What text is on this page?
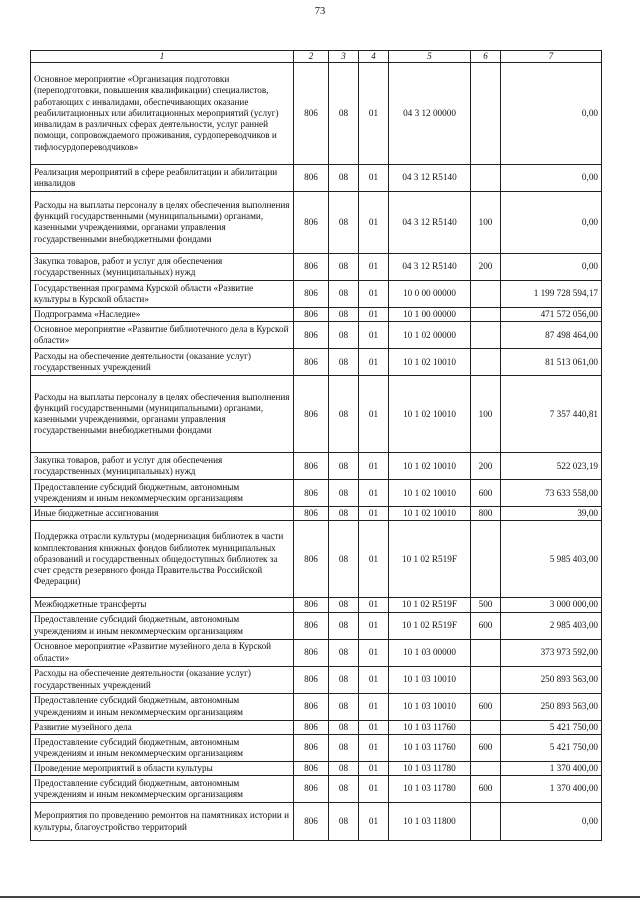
73
1	2	3	4	5	6	7
Основное мероприятие «Организация подготовки (переподготовки, повышения квалификации) специалистов, работающих с инвалидами, обеспечивающих оказание реабилитационных или абилитационных мероприятий (услуг) инвалидам в различных сферах деятельности, услуг ранней помощи, сопровождаемого проживания, сурдопереводчиков и тифлосурдопереводчиков»	806	08	01	04 3 12 00000		0,00
Реализация мероприятий в сфере реабилитации и абилитации инвалидов	806	08	01	04 3 12 R5140		0,00
Расходы на выплаты персоналу в целях обеспечения выполнения функций государственными (муниципальными) органами, казенными учреждениями, органами управления государственными внебюджетными фондами	806	08	01	04 3 12 R5140	100	0,00
Закупка товаров, работ и услуг для обеспечения государственных (муниципальных) нужд	806	08	01	04 3 12 R5140	200	0,00
Государственная программа Курской области «Развитие культуры в Курской области»	806	08	01	10 0 00 00000		1 199 728 594,17
Подпрограмма «Наследие»	806	08	01	10 1 00 00000		471 572 056,00
Основное мероприятие «Развитие библиотечного дела в Курской области»	806	08	01	10 1 02 00000		87 498 464,00
Расходы на обеспечение деятельности (оказание услуг) государственных учреждений	806	08	01	10 1 02 10010		81 513 061,00
Расходы на выплаты персоналу в целях обеспечения выполнения функций государственными (муниципальными) органами, казенными учреждениями, органами управления государственными внебюджетными фондами	806	08	01	10 1 02 10010	100	7 357 440,81
Закупка товаров, работ и услуг для обеспечения государственных (муниципальных) нужд	806	08	01	10 1 02 10010	200	522 023,19
Предоставление субсидий бюджетным, автономным учреждениям и иным некоммерческим организациям	806	08	01	10 1 02 10010	600	73 633 558,00
Иные бюджетные ассигнования	806	08	01	10 1 02 10010	800	39,00
Поддержка отрасли культуры (модернизация библиотек в части комплектования книжных фондов библиотек муниципальных образований и государственных общедоступных библиотек за счет средств резервного фонда Правительства Российской Федерации)	806	08	01	10 1 02 R519F		5 985 403,00
Межбюджетные трансферты	806	08	01	10 1 02 R519F	500	3 000 000,00
Предоставление субсидий бюджетным, автономным учреждениям и иным некоммерческим организациям	806	08	01	10 1 02 R519F	600	2 985 403,00
Основное мероприятие «Развитие музейного дела в Курской области»	806	08	01	10 1 03 00000		373 973 592,00
Расходы на обеспечение деятельности (оказание услуг) государственных учреждений	806	08	01	10 1 03 10010		250 893 563,00
Предоставление субсидий бюджетным, автономным учреждениям и иным некоммерческим организациям	806	08	01	10 1 03 10010	600	250 893 563,00
Развитие музейного дела	806	08	01	10 1 03 11760		5 421 750,00
Предоставление субсидий бюджетным, автономным учреждениям и иным некоммерческим организациям	806	08	01	10 1 03 11760	600	5 421 750,00
Проведение мероприятий в области культуры	806	08	01	10 1 03 11780		1 370 400,00
Предоставление субсидий бюджетным, автономным учреждениям и иным некоммерческим организациям	806	08	01	10 1 03 11780	600	1 370 400,00
Мероприятия по проведению ремонтов на памятниках истории и культуры, благоустройство территорий	806	08	01	10 1 03 11800		0,00
